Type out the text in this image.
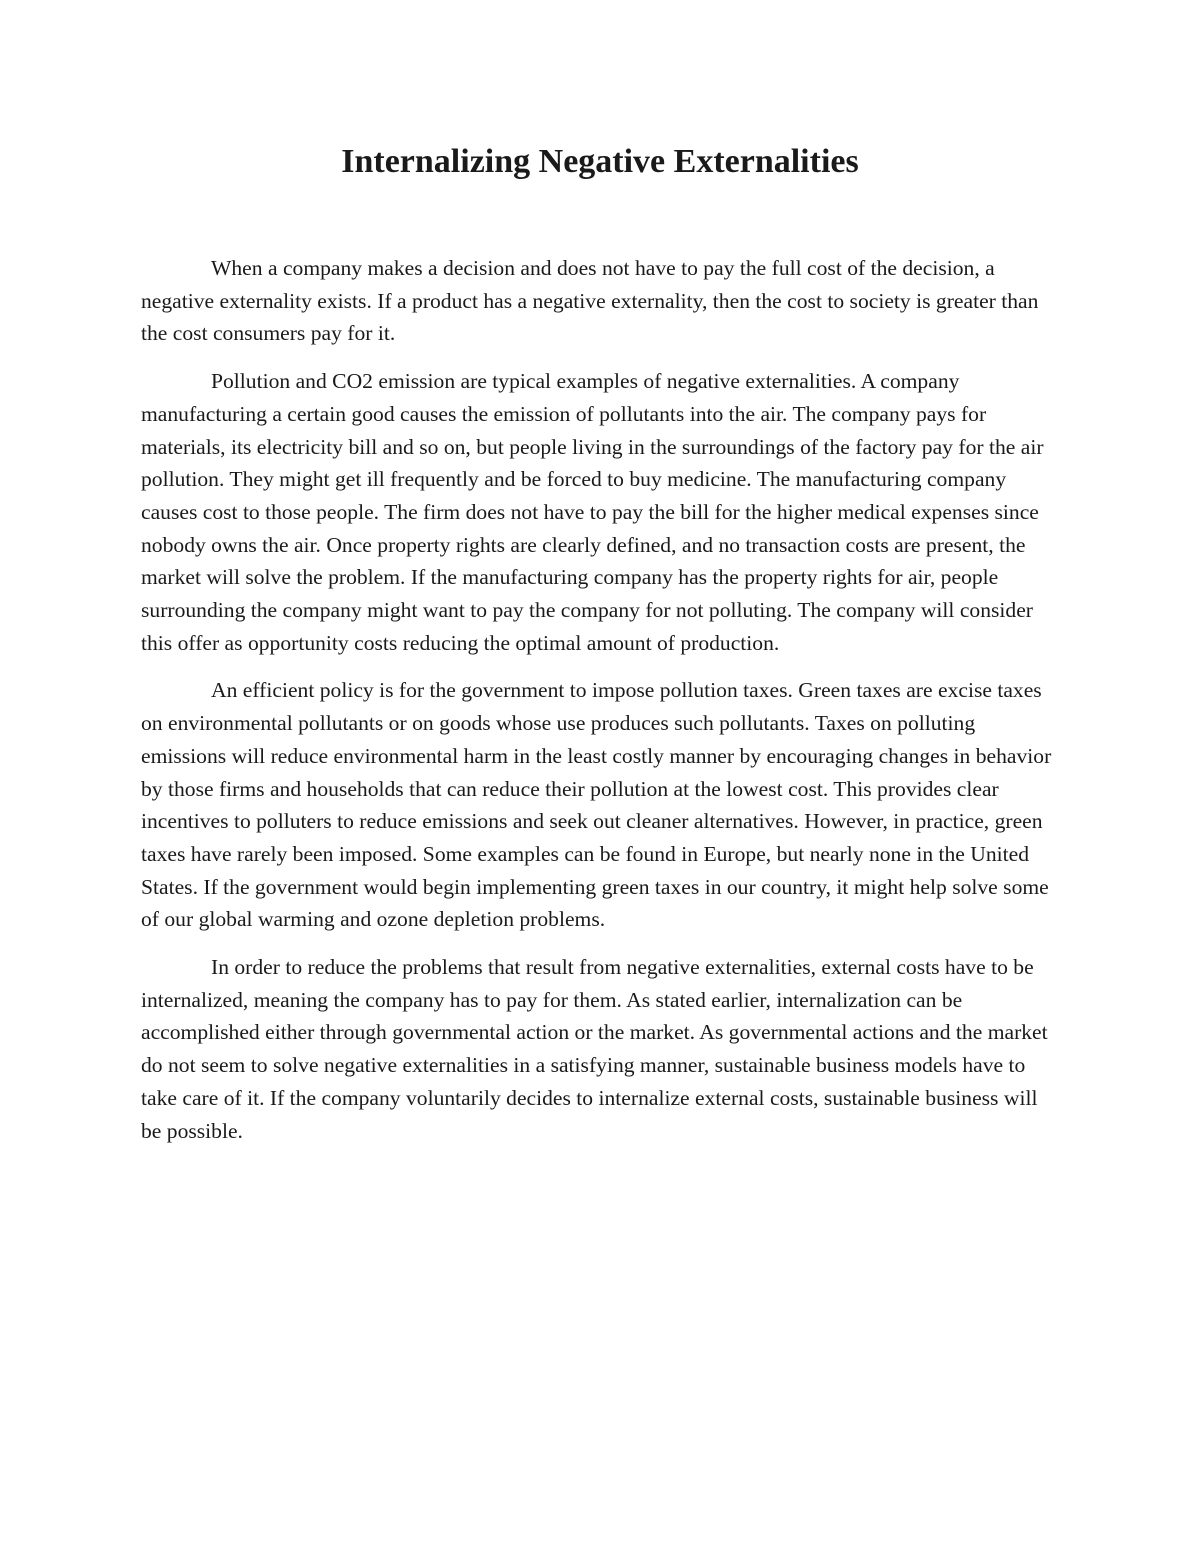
Internalizing Negative Externalities

When a company makes a decision and does not have to pay the full cost of the decision, a negative externality exists. If a product has a negative externality, then the cost to society is greater than the cost consumers pay for it.

Pollution and CO2 emission are typical examples of negative externalities. A company manufacturing a certain good causes the emission of pollutants into the air. The company pays for materials, its electricity bill and so on, but people living in the surroundings of the factory pay for the air pollution. They might get ill frequently and be forced to buy medicine. The manufacturing company causes cost to those people. The firm does not have to pay the bill for the higher medical expenses since nobody owns the air. Once property rights are clearly defined, and no transaction costs are present, the market will solve the problem. If the manufacturing company has the property rights for air, people surrounding the company might want to pay the company for not polluting. The company will consider this offer as opportunity costs reducing the optimal amount of production.

An efficient policy is for the government to impose pollution taxes. Green taxes are excise taxes on environmental pollutants or on goods whose use produces such pollutants. Taxes on polluting emissions will reduce environmental harm in the least costly manner by encouraging changes in behavior by those firms and households that can reduce their pollution at the lowest cost. This provides clear incentives to polluters to reduce emissions and seek out cleaner alternatives. However, in practice, green taxes have rarely been imposed. Some examples can be found in Europe, but nearly none in the United States. If the government would begin implementing green taxes in our country, it might help solve some of our global warming and ozone depletion problems.

In order to reduce the problems that result from negative externalities, external costs have to be internalized, meaning the company has to pay for them. As stated earlier, internalization can be accomplished either through governmental action or the market. As governmental actions and the market do not seem to solve negative externalities in a satisfying manner, sustainable business models have to take care of it. If the company voluntarily decides to internalize external costs, sustainable business will be possible.
